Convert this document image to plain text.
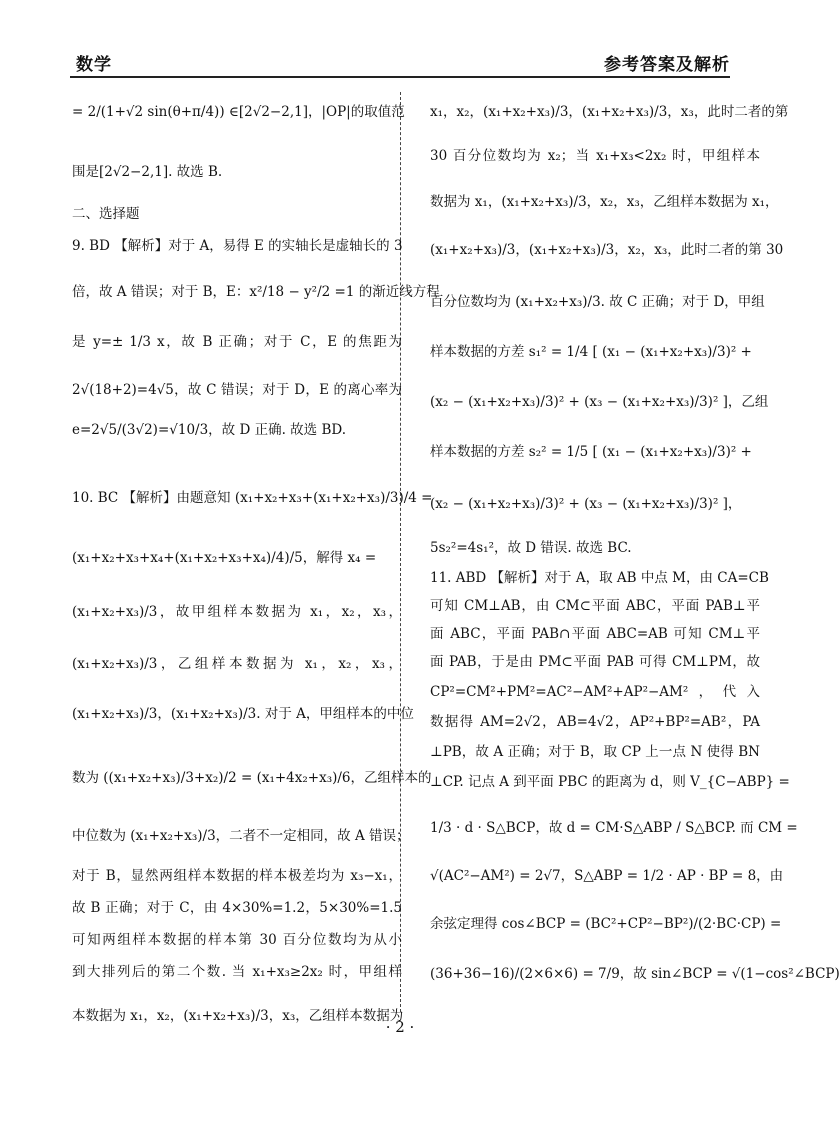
数学	参考答案及解析
= 2/(1+√2 sin(θ+π/4)) ∈[2√2−2,1]，|OP|的取值范
围是[2√2−2,1]. 故选 B.
二、选择题
9. BD 【解析】对于 A，易得 E 的实轴长是虚轴长的 3
倍，故 A 错误；对于 B，E：x²/18 − y²/2 =1 的渐近线方程
是 y=± 1/3 x，故 B 正确；对于 C，E 的焦距为
2√(18+2)=4√5，故 C 错误；对于 D，E 的离心率为
e=2√5/(3√2)=√10/3，故 D 正确. 故选 BD.
10. BC 【解析】由题意知 (x₁+x₂+x₃+(x₁+x₂+x₃)/3)/4 =
(x₁+x₂+x₃+x₄+(x₁+x₂+x₃+x₄)/4)/5，解得 x₄ =
(x₁+x₂+x₃)/3，故甲组样本数据为 x₁，x₂，x₃，
(x₁+x₂+x₃)/3，乙组样本数据为 x₁，x₂，x₃，
(x₁+x₂+x₃)/3，(x₁+x₂+x₃)/3. 对于 A，甲组样本的中位
数为 ((x₁+x₂+x₃)/3+x₂)/2 = (x₁+4x₂+x₃)/6，乙组样本的
中位数为 (x₁+x₂+x₃)/3，二者不一定相同，故 A 错误；
对于 B，显然两组样本数据的样本极差均为 x₃−x₁，
故 B 正确；对于 C，由 4×30%=1.2，5×30%=1.5
可知两组样本数据的样本第 30 百分位数均为从小
到大排列后的第二个数. 当 x₁+x₃≥2x₂ 时，甲组样
本数据为 x₁，x₂，(x₁+x₂+x₃)/3，x₃，乙组样本数据为
x₁，x₂，(x₁+x₂+x₃)/3，(x₁+x₂+x₃)/3，x₃，此时二者的第
30 百分位数均为 x₂；当 x₁+x₃<2x₂ 时，甲组样本
数据为 x₁，(x₁+x₂+x₃)/3，x₂，x₃，乙组样本数据为 x₁，
(x₁+x₂+x₃)/3，(x₁+x₂+x₃)/3，x₂，x₃，此时二者的第 30
百分位数均为 (x₁+x₂+x₃)/3. 故 C 正确；对于 D，甲组
样本数据的方差 s₁² = 1/4 [ (x₁ − (x₁+x₂+x₃)/3)² +
(x₂ − (x₁+x₂+x₃)/3)² + (x₃ − (x₁+x₂+x₃)/3)² ]，乙组
样本数据的方差 s₂² = 1/5 [ (x₁ − (x₁+x₂+x₃)/3)² +
(x₂ − (x₁+x₂+x₃)/3)² + (x₃ − (x₁+x₂+x₃)/3)² ]，
5s₂²=4s₁²，故 D 错误. 故选 BC.
11. ABD 【解析】对于 A，取 AB 中点 M，由 CA=CB
可知 CM⊥AB，由 CM⊂平面 ABC，平面 PAB⊥平
面 ABC，平面 PAB∩平面 ABC=AB 可知 CM⊥平
面 PAB，于是由 PM⊂平面 PAB 可得 CM⊥PM，故
CP²=CM²+PM²=AC²−AM²+AP²−AM²，代入
数据得 AM=2√2，AB=4√2，AP²+BP²=AB²，PA
⊥PB，故 A 正确；对于 B，取 CP 上一点 N 使得 BN
⊥CP. 记点 A 到平面 PBC 的距离为 d，则 V_{C−ABP} =
1/3 · d · S△BCP，故 d = CM·S△ABP / S△BCP. 而 CM =
√(AC²−AM²) = 2√7，S△ABP = 1/2 · AP · BP = 8，由
余弦定理得 cos∠BCP = (BC²+CP²−BP²)/(2·BC·CP) =
(36+36−16)/(2×6×6) = 7/9，故 sin∠BCP = √(1−cos²∠BCP)
· 2 ·
